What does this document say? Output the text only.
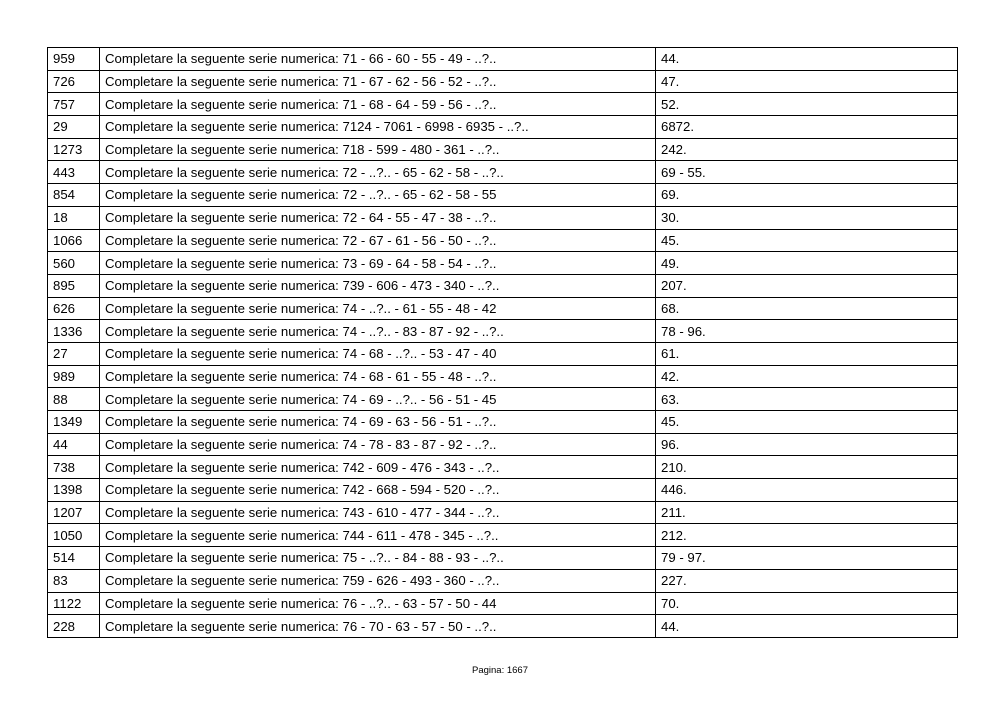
959	Completare la seguente serie numerica: 71 - 66 - 60 - 55 - 49 - ..?..	44.
726	Completare la seguente serie numerica: 71 - 67 - 62 - 56 - 52 - ..?..	47.
757	Completare la seguente serie numerica: 71 - 68 - 64 - 59 - 56 - ..?..	52.
29	Completare la seguente serie numerica: 7124 - 7061 - 6998 - 6935 - ..?..	6872.
1273	Completare la seguente serie numerica: 718 - 599 - 480 - 361 - ..?..	242.
443	Completare la seguente serie numerica: 72 - ..?.. - 65 - 62 - 58 - ..?..	69 - 55.
854	Completare la seguente serie numerica: 72 - ..?.. - 65 - 62 - 58 - 55	69.
18	Completare la seguente serie numerica: 72 - 64 - 55 - 47 - 38 - ..?..	30.
1066	Completare la seguente serie numerica: 72 - 67 - 61 - 56 - 50 - ..?..	45.
560	Completare la seguente serie numerica: 73 - 69 - 64 - 58 - 54 - ..?..	49.
895	Completare la seguente serie numerica: 739 - 606 - 473 - 340 - ..?..	207.
626	Completare la seguente serie numerica: 74 - ..?.. - 61 - 55 - 48 - 42	68.
1336	Completare la seguente serie numerica: 74 - ..?.. - 83 - 87 - 92 - ..?..	78 - 96.
27	Completare la seguente serie numerica: 74 - 68 - ..?.. - 53 - 47 - 40	61.
989	Completare la seguente serie numerica: 74 - 68 - 61 - 55 - 48 - ..?..	42.
88	Completare la seguente serie numerica: 74 - 69 - ..?.. - 56 - 51 - 45	63.
1349	Completare la seguente serie numerica: 74 - 69 - 63 - 56 - 51 - ..?..	45.
44	Completare la seguente serie numerica: 74 - 78 - 83 - 87 - 92 - ..?..	96.
738	Completare la seguente serie numerica: 742 - 609 - 476 - 343 - ..?..	210.
1398	Completare la seguente serie numerica: 742 - 668 - 594 - 520 - ..?..	446.
1207	Completare la seguente serie numerica: 743 - 610 - 477 - 344 - ..?..	211.
1050	Completare la seguente serie numerica: 744 - 611 - 478 - 345 - ..?..	212.
514	Completare la seguente serie numerica: 75 - ..?.. - 84 - 88 - 93 - ..?..	79 - 97.
83	Completare la seguente serie numerica: 759 - 626 - 493 - 360 - ..?..	227.
1122	Completare la seguente serie numerica: 76 - ..?.. - 63 - 57 - 50 - 44	70.
228	Completare la seguente serie numerica: 76 - 70 - 63 - 57 - 50 - ..?..	44.
Pagina: 1667
